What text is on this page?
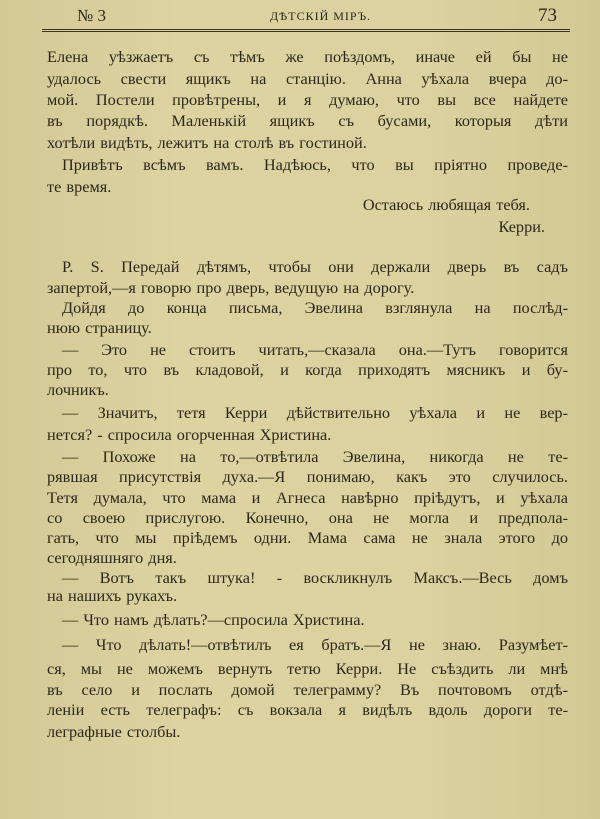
№ 3	ДѢТСКІЙ МІРЪ.	73
Елена уѣзжаетъ съ тѣмъ же поѣздомъ, иначе ей бы не
удалось свести ящикъ на станцію. Анна уѣхала вчера до-
мой. Постели провѣтрены, и я думаю, что вы все найдете
въ порядкѣ. Маленькій ящикъ съ бусами, которыя дѣти
хотѣли видѣть, лежитъ на столѣ въ гостиной.
Привѣтъ всѣмъ вамъ. Надѣюсь, что вы пріятно проведе-
те время.
Остаюсь любящая тебя.
Керри.
P. S. Передай дѣтямъ, чтобы они держали дверь въ садъ
запертой,—я говорю про дверь, ведущую на дорогу.
Дойдя до конца письма, Эвелина взглянула на послѣд-
нюю страницу.
— Это не стоитъ читать,—сказала она.—Тутъ говорится
про то, что въ кладовой, и когда приходятъ мясникъ и бу-
лочникъ.
— Значитъ, тетя Керри дѣйствительно уѣхала и не вер-
нется? - спросила огорченная Христина.
— Похоже на то,—отвѣтила Эвелина, никогда не те-
рявшая присутствія духа.—Я понимаю, какъ это случилось.
Тетя думала, что мама и Агнеса навѣрно пріѣдутъ, и уѣхала
со своею прислугою. Конечно, она не могла и предпола-
гать, что мы пріѣдемъ одни. Мама сама не знала этого до
сегодняшняго дня.
— Вотъ такъ штука! - воскликнулъ Максъ.—Весь домъ
на нашихъ рукахъ.
— Что намъ дѣлать?—спросила Христина.
— Что дѣлать!—отвѣтилъ ея братъ.—Я не знаю. Разумѣет-
ся, мы не можемъ вернуть тетю Керри. Не съѣздить ли мнѣ
въ село и послать домой телеграмму? Въ почтовомъ отдѣ-
леніи есть телеграфъ: съ вокзала я видѣлъ вдоль дороги те-
леграфные столбы.
